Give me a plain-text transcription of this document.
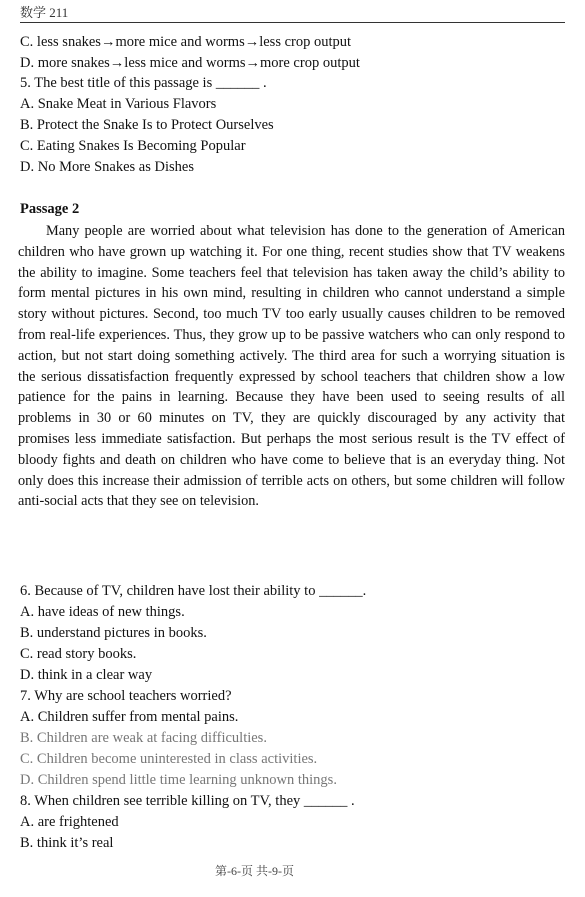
数学 211
C. less snakes→more mice and worms→less crop output
D. more snakes→less mice and worms→more crop output
5. The best title of this passage is ______ .
A. Snake Meat in Various Flavors
B. Protect the Snake Is to Protect Ourselves
C. Eating Snakes Is Becoming Popular
D. No More Snakes as Dishes
Passage 2
Many people are worried about what television has done to the generation of American children who have grown up watching it. For one thing, recent studies show that TV weakens the ability to imagine. Some teachers feel that television has taken away the child’s ability to form mental pictures in his own mind, resulting in children who cannot understand a simple story without pictures. Second, too much TV too early usually causes children to be removed from real-life experiences. Thus, they grow up to be passive watchers who can only respond to action, but not start doing something actively. The third area for such a worrying situation is the serious dissatisfaction frequently expressed by school teachers that children show a low patience for the pains in learning. Because they have been used to seeing results of all problems in 30 or 60 minutes on TV, they are quickly discouraged by any activity that promises less immediate satisfaction. But perhaps the most serious result is the TV effect of bloody fights and death on children who have come to believe that is an everyday thing. Not only does this increase their admission of terrible acts on others, but some children will follow anti-social acts that they see on television.
6. Because of TV, children have lost their ability to ______.
A. have ideas of new things.
B. understand pictures in books.
C. read story books.
D. think in a clear way
7. Why are school teachers worried?
A. Children suffer from mental pains.
B. Children are weak at facing difficulties.
C. Children become uninterested in class activities.
D. Children spend little time learning unknown things.
8. When children see terrible killing on TV, they ______ .
A. are frightened
B. think it’s real
第-6-页 共-9-页
